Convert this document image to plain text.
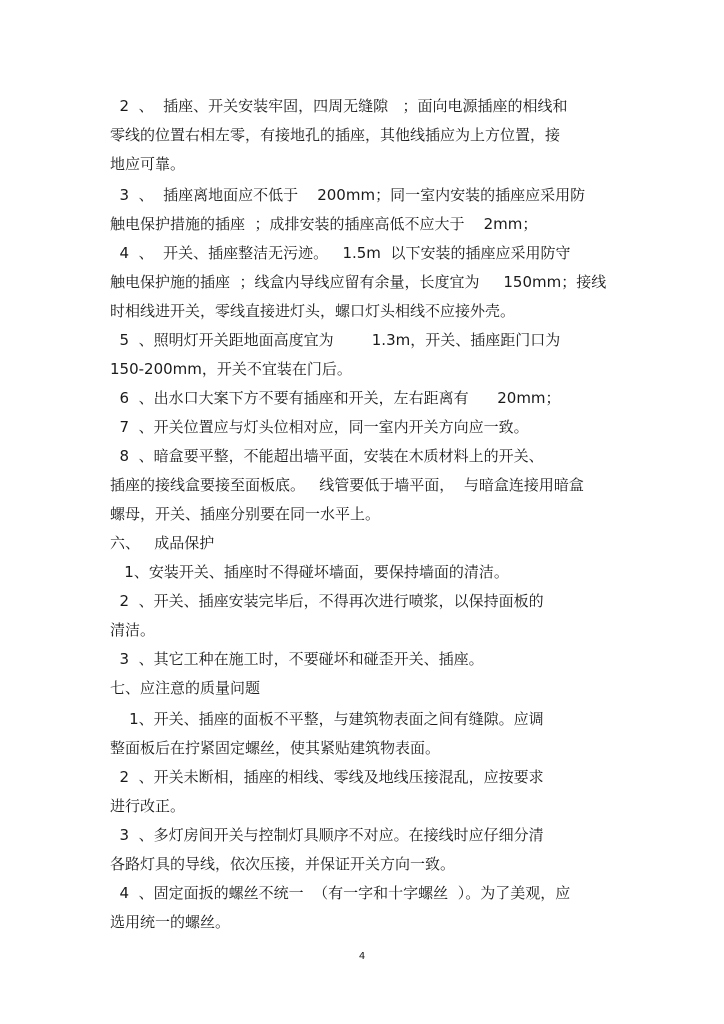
2  、  插座、开关安装牢固，四周无缝隙   ；面向电源插座的相线和
零线的位置右相左零，有接地孔的插座，其他线插应为上方位置，接
地应可靠。
3  、  插座离地面应不低于    200mm；同一室内安装的插座应采用防
触电保护措施的插座  ；成排安装的插座高低不应大于    2mm；
4  、  开关、插座整洁无污迹。   1.5m  以下安装的插座应采用防守
触电保护施的插座  ；线盒内导线应留有余量，长度宜为     150mm；接线
时相线进开关，零线直接进灯头，螺口灯头相线不应接外壳。
5  、照明灯开关距地面高度宜为        1.3m，开关、插座距门口为
150-200mm，开关不宜装在门后。
6  、出水口大案下方不要有插座和开关，左右距离有      20mm；
7  、开关位置应与灯头位相对应，同一室内开关方向应一致。
8  、暗盒要平整，不能超出墙平面，安装在木质材料上的开关、
插座的接线盒要接至面板底。   线管要低于墙平面，  与暗盒连接用暗盒
螺母，开关、插座分别要在同一水平上。
六、   成品保护
1、安装开关、插座时不得碰坏墙面，要保持墙面的清洁。
2  、开关、插座安装完毕后，不得再次进行喷浆，以保持面板的
清洁。
3  、其它工种在施工时，不要碰坏和碰歪开关、插座。
七、应注意的质量问题
1、开关、插座的面板不平整，与建筑物表面之间有缝隙。应调
整面板后在拧紧固定螺丝，使其紧贴建筑物表面。
2  、开关未断相，插座的相线、零线及地线压接混乱，应按要求
进行改正。
3  、多灯房间开关与控制灯具顺序不对应。在接线时应仔细分清
各路灯具的导线，依次压接，并保证开关方向一致。
4  、固定面扳的螺丝不统一  （有一字和十字螺丝  ）。为了美观，应
选用统一的螺丝。
4
